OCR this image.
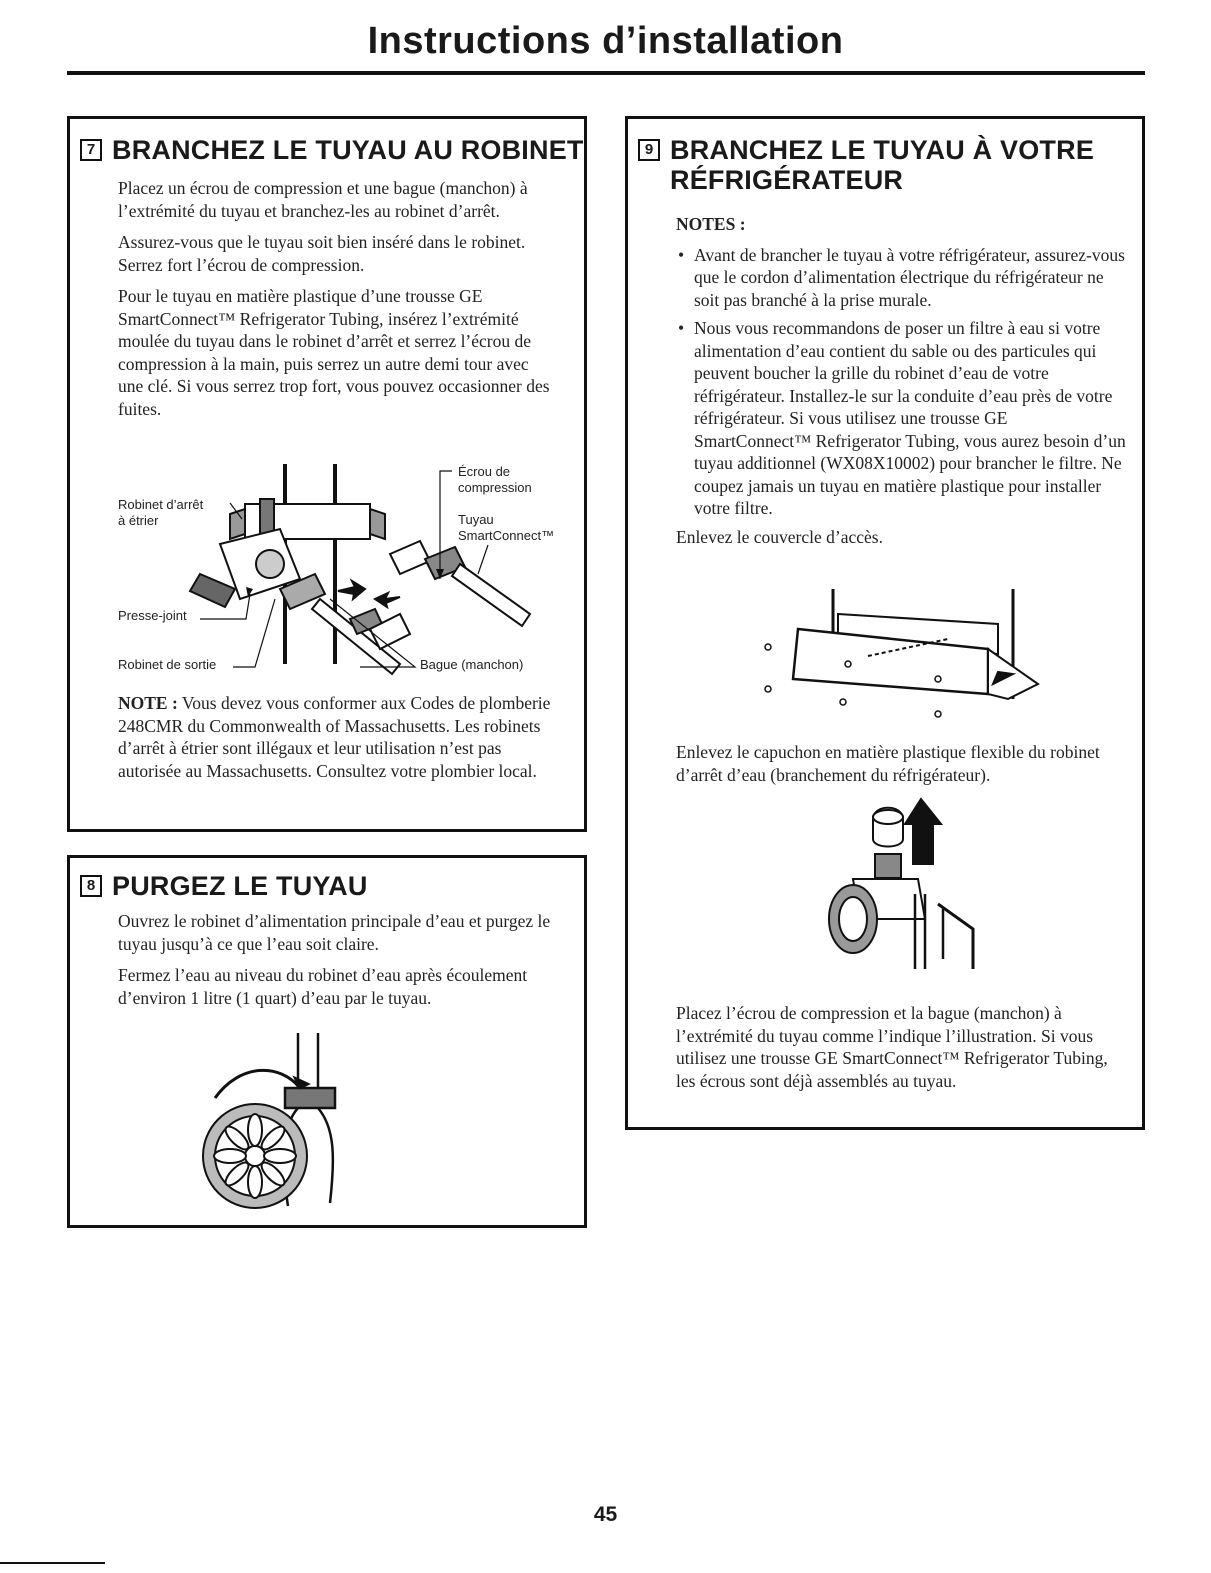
Instructions d’installation
7 BRANCHEZ LE TUYAU AU ROBINET

Placez un écrou de compression et une bague (manchon) à l’extrémité du tuyau et branchez-les au robinet d’arrêt.

Assurez-vous que le tuyau soit bien inséré dans le robinet. Serrez fort l’écrou de compression.

Pour le tuyau en matière plastique d’une trousse GE SmartConnect™ Refrigerator Tubing, insérez l’extrémité moulée du tuyau dans le robinet d’arrêt et serrez l’écrou de compression à la main, puis serrez un autre demi tour avec une clé. Si vous serrez trop fort, vous pouvez occasionner des fuites.

Robinet d’arrêt
à étrier
Écrou de
compression
Tuyau
SmartConnect™
Presse-joint
Robinet de sortie	Bague (manchon)

NOTE : Vous devez vous conformer aux Codes de plomberie 248CMR du Commonwealth of Massachusetts. Les robinets d’arrêt à étrier sont illégaux et leur utilisation n’est pas autorisée au Massachusetts. Consultez votre plombier local.

8 PURGEZ LE TUYAU

Ouvrez le robinet d’alimentation principale d’eau et purgez le tuyau jusqu’à ce que l’eau soit claire.

Fermez l’eau au niveau du robinet d’eau après écoulement d’environ 1 litre (1 quart) d’eau par le tuyau.

9 BRANCHEZ LE TUYAU À VOTRE
RÉFRIGÉRATEUR
NOTES :
• Avant de brancher le tuyau à votre réfrigérateur, assurez-vous que le cordon d’alimentation électrique du réfrigérateur ne soit pas branché à la prise murale.
• Nous vous recommandons de poser un filtre à eau si votre alimentation d’eau contient du sable ou des particules qui peuvent boucher la grille du robinet d’eau de votre réfrigérateur. Installez-le sur la conduite d’eau près de votre réfrigérateur. Si vous utilisez une trousse GE SmartConnect™ Refrigerator Tubing, vous aurez besoin d’un tuyau additionnel (WX08X10002) pour brancher le filtre. Ne coupez jamais un tuyau en matière plastique pour installer votre filtre.

Enlevez le couvercle d’accès.

Enlevez le capuchon en matière plastique flexible du robinet d’arrêt d’eau (branchement du réfrigérateur).

Placez l’écrou de compression et la bague (manchon) à l’extrémité du tuyau comme l’indique l’illustration. Si vous utilisez une trousse GE SmartConnect™ Refrigerator Tubing, les écrous sont déjà assemblés au tuyau.

45
